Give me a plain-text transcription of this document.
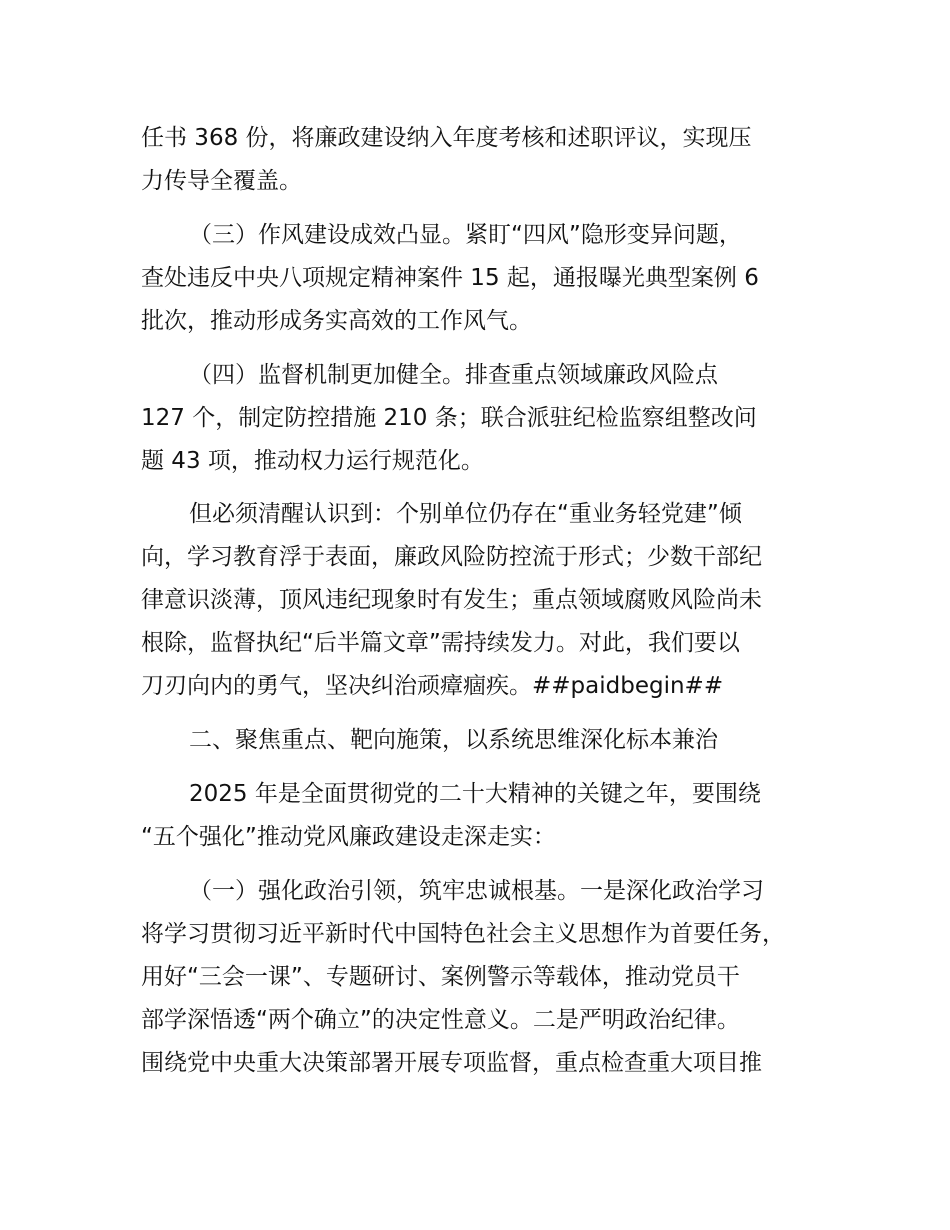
任书 368 份，将廉政建设纳入年度考核和述职评议，实现压
力传导全覆盖。
（三）作风建设成效凸显。紧盯“四风”隐形变异问题，
查处违反中央八项规定精神案件 15 起，通报曝光典型案例 6
批次，推动形成务实高效的工作风气。
（四）监督机制更加健全。排查重点领域廉政风险点
127 个，制定防控措施 210 条；联合派驻纪检监察组整改问
题 43 项，推动权力运行规范化。
但必须清醒认识到：个别单位仍存在“重业务轻党建”倾
向，学习教育浮于表面，廉政风险防控流于形式；少数干部纪
律意识淡薄，顶风违纪现象时有发生；重点领域腐败风险尚未
根除，监督执纪“后半篇文章”需持续发力。对此，我们要以
刀刃向内的勇气，坚决纠治顽瘴痼疾。##paidbegin##
二、聚焦重点、靶向施策，以系统思维深化标本兼治
2025 年是全面贯彻党的二十大精神的关键之年，要围绕
“五个强化”推动党风廉政建设走深走实：
（一）强化政治引领，筑牢忠诚根基。一是深化政治学习
将学习贯彻习近平新时代中国特色社会主义思想作为首要任务，
用好“三会一课”、专题研讨、案例警示等载体，推动党员干
部学深悟透“两个确立”的决定性意义。二是严明政治纪律。
围绕党中央重大决策部署开展专项监督，重点检查重大项目推
